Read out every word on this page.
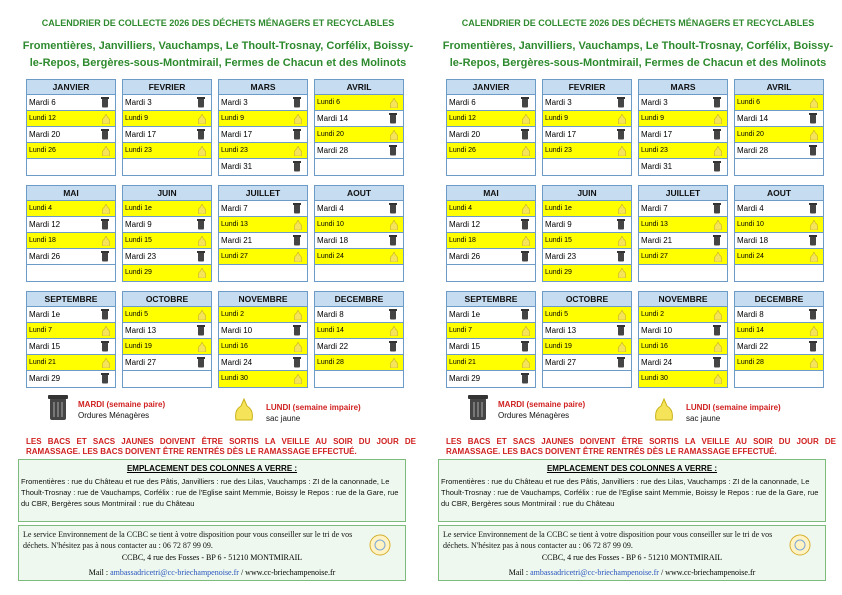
CALENDRIER DE COLLECTE 2026 DES DÉCHETS MÉNAGERS ET RECYCLABLES
Fromentières, Janvilliers, Vauchamps, Le Thoult-Trosnay, Corfélix, Boissy-
le-Repos, Bergères-sous-Montmirail, Fermes de Chacun et des Molinots
JANVIER
Mardi 6
Lundi 12
Mardi 20
Lundi 26
FEVRIER
Mardi 3
Lundi 9
Mardi 17
Lundi 23
MARS
Mardi 3
Lundi 9
Mardi 17
Lundi 23
Mardi 31
AVRIL
Lundi 6
Mardi 14
Lundi 20
Mardi 28
MAI
Lundi 4
Mardi 12
Lundi 18
Mardi 26
JUIN
Lundi 1e
Mardi 9
Lundi 15
Mardi 23
Lundi 29
JUILLET
Mardi 7
Lundi 13
Mardi 21
Lundi 27
AOUT
Mardi 4
Lundi 10
Mardi 18
Lundi 24
SEPTEMBRE
Mardi 1e
Lundi 7
Mardi 15
Lundi 21
Mardi 29
OCTOBRE
Lundi 5
Mardi 13
Lundi 19
Mardi 27
NOVEMBRE
Lundi 2
Mardi 10
Lundi 16
Mardi 24
Lundi 30
DECEMBRE
Mardi 8
Lundi 14
Mardi 22
Lundi 28
MARDI (semaine paire)
Ordures Ménagères
LUNDI (semaine impaire)
sac jaune
LES BACS ET SACS JAUNES DOIVENT ÊTRE SORTIS LA VEILLE AU SOIR DU JOUR DE RAMASSAGE. LES BACS DOIVENT ÊTRE RENTRÉS DÈS LE RAMASSAGE EFFECTUÉ.
EMPLACEMENT DES COLONNES A VERRE :
Fromentières : rue du Château et rue des Pâtis, Janvilliers : rue des Lilas, Vauchamps : ZI de la canonnade, Le Thoult-Trosnay : rue de Vauchamps, Corfélix : rue de l'Eglise saint Memmie, Boissy le Repos : rue de la Gare, rue du CBR, Bergères sous Montmirail : rue du Château
Le service Environnement de la CCBC se tient à votre disposition pour vous conseiller sur le tri de vos déchets. N'hésitez pas à nous contacter au : 06 72 87 99 09.
CCBC, 4 rue des Fosses - BP 6 - 51210 MONTMIRAIL
Mail : ambassadricetri@cc-briechampenoise.fr / www.cc-briechampenoise.fr
CALENDRIER DE COLLECTE 2026 DES DÉCHETS MÉNAGERS ET RECYCLABLES
Fromentières, Janvilliers, Vauchamps, Le Thoult-Trosnay, Corfélix, Boissy-
le-Repos, Bergères-sous-Montmirail, Fermes de Chacun et des Molinots
JANVIER
Mardi 6
Lundi 12
Mardi 20
Lundi 26
FEVRIER
Mardi 3
Lundi 9
Mardi 17
Lundi 23
MARS
Mardi 3
Lundi 9
Mardi 17
Lundi 23
Mardi 31
AVRIL
Lundi 6
Mardi 14
Lundi 20
Mardi 28
MAI
Lundi 4
Mardi 12
Lundi 18
Mardi 26
JUIN
Lundi 1e
Mardi 9
Lundi 15
Mardi 23
Lundi 29
JUILLET
Mardi 7
Lundi 13
Mardi 21
Lundi 27
AOUT
Mardi 4
Lundi 10
Mardi 18
Lundi 24
SEPTEMBRE
Mardi 1e
Lundi 7
Mardi 15
Lundi 21
Mardi 29
OCTOBRE
Lundi 5
Mardi 13
Lundi 19
Mardi 27
NOVEMBRE
Lundi 2
Mardi 10
Lundi 16
Mardi 24
Lundi 30
DECEMBRE
Mardi 8
Lundi 14
Mardi 22
Lundi 28
MARDI (semaine paire)
Ordures Ménagères
LUNDI (semaine impaire)
sac jaune
LES BACS ET SACS JAUNES DOIVENT ÊTRE SORTIS LA VEILLE AU SOIR DU JOUR DE RAMASSAGE. LES BACS DOIVENT ÊTRE RENTRÉS DÈS LE RAMASSAGE EFFECTUÉ.
EMPLACEMENT DES COLONNES A VERRE :
Fromentières : rue du Château et rue des Pâtis, Janvilliers : rue des Lilas, Vauchamps : ZI de la canonnade, Le Thoult-Trosnay : rue de Vauchamps, Corfélix : rue de l'Eglise saint Memmie, Boissy le Repos : rue de la Gare, rue du CBR, Bergères sous Montmirail : rue du Château
Le service Environnement de la CCBC se tient à votre disposition pour vous conseiller sur le tri de vos déchets. N'hésitez pas à nous contacter au : 06 72 87 99 09.
CCBC, 4 rue des Fosses - BP 6 - 51210 MONTMIRAIL
Mail : ambassadricetri@cc-briechampenoise.fr / www.cc-briechampenoise.fr
